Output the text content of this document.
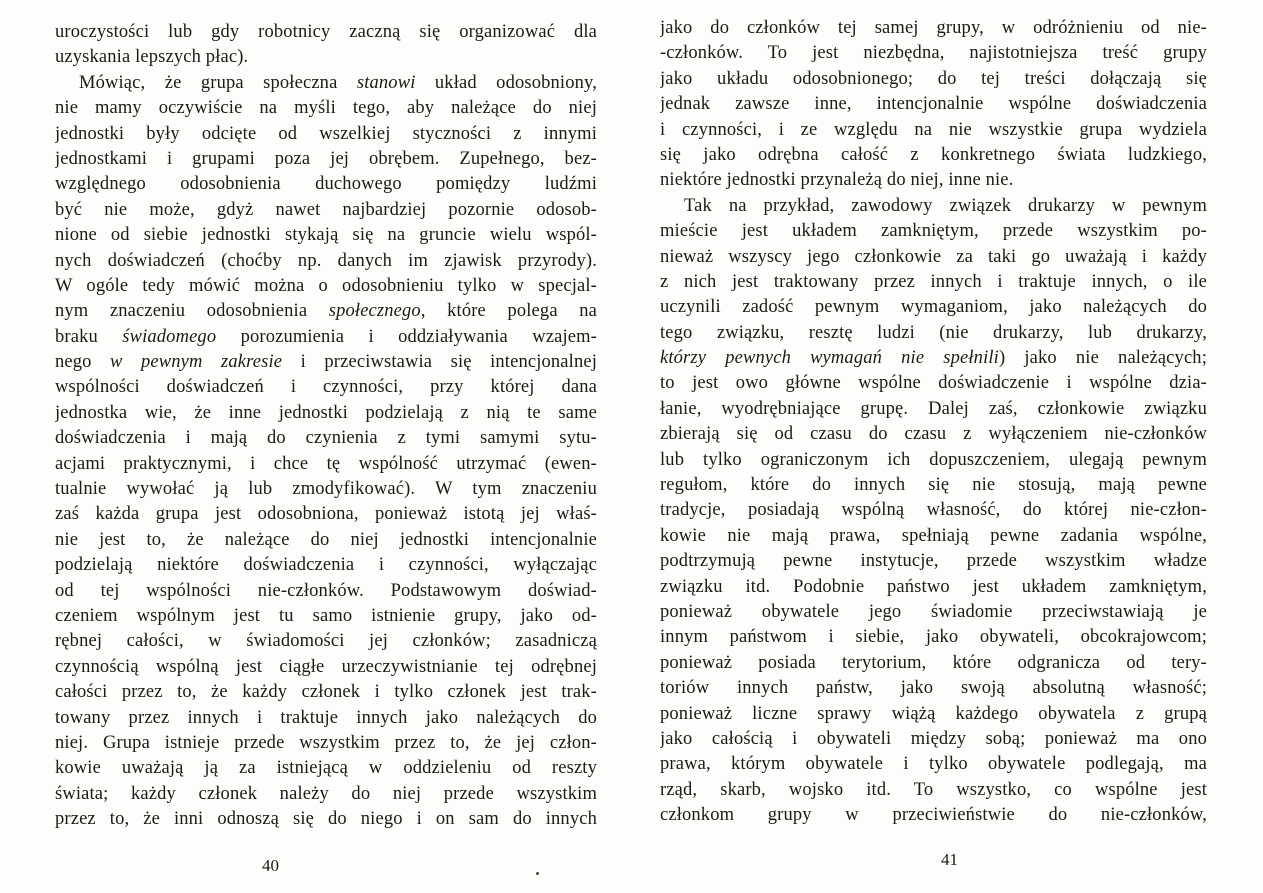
uroczystości lub gdy robotnicy zaczną się organizować dla
uzyskania lepszych płac).
Mówiąc, że grupa społeczna stanowi układ odosobniony,
nie mamy oczywiście na myśli tego, aby należące do niej
jednostki były odcięte od wszelkiej styczności z innymi
jednostkami i grupami poza jej obrębem. Zupełnego, bez-
względnego odosobnienia duchowego pomiędzy ludźmi
być nie może, gdyż nawet najbardziej pozornie odosob-
nione od siebie jednostki stykają się na gruncie wielu wspól-
nych doświadczeń (choćby np. danych im zjawisk przyrody).
W ogóle tedy mówić można o odosobnieniu tylko w specjal-
nym znaczeniu odosobnienia społecznego, które polega na
braku świadomego porozumienia i oddziaływania wzajem-
nego w pewnym zakresie i przeciwstawia się intencjonalnej
wspólności doświadczeń i czynności, przy której dana
jednostka wie, że inne jednostki podzielają z nią te same
doświadczenia i mają do czynienia z tymi samymi sytu-
acjami praktycznymi, i chce tę wspólność utrzymać (ewen-
tualnie wywołać ją lub zmodyfikować). W tym znaczeniu
zaś każda grupa jest odosobniona, ponieważ istotą jej właś-
nie jest to, że należące do niej jednostki intencjonalnie
podzielają niektóre doświadczenia i czynności, wyłączając
od tej wspólności nie-członków. Podstawowym doświad-
czeniem wspólnym jest tu samo istnienie grupy, jako od-
rębnej całości, w świadomości jej członków; zasadniczą
czynnością wspólną jest ciągłe urzeczywistnianie tej odrębnej
całości przez to, że każdy członek i tylko członek jest trak-
towany przez innych i traktuje innych jako należących do
niej. Grupa istnieje przede wszystkim przez to, że jej człon-
kowie uważają ją za istniejącą w oddzieleniu od reszty
świata; każdy członek należy do niej przede wszystkim
przez to, że inni odnoszą się do niego i on sam do innych
40
jako do członków tej samej grupy, w odróżnieniu od nie-
-członków. To jest niezbędna, najistotniejsza treść grupy
jako układu odosobnionego; do tej treści dołączają się
jednak zawsze inne, intencjonalnie wspólne doświadczenia
i czynności, i ze względu na nie wszystkie grupa wydziela
się jako odrębna całość z konkretnego świata ludzkiego,
niektóre jednostki przynależą do niej, inne nie.
Tak na przykład, zawodowy związek drukarzy w pewnym
mieście jest układem zamkniętym, przede wszystkim po-
nieważ wszyscy jego członkowie za taki go uważają i każdy
z nich jest traktowany przez innych i traktuje innych, o ile
uczynili zadość pewnym wymaganiom, jako należących do
tego związku, resztę ludzi (nie drukarzy, lub drukarzy,
którzy pewnych wymagań nie spełnili) jako nie należących;
to jest owo główne wspólne doświadczenie i wspólne dzia-
łanie, wyodrębniające grupę. Dalej zaś, członkowie związku
zbierają się od czasu do czasu z wyłączeniem nie-członków
lub tylko ograniczonym ich dopuszczeniem, ulegają pewnym
regułom, które do innych się nie stosują, mają pewne
tradycje, posiadają wspólną własność, do której nie-człon-
kowie nie mają prawa, spełniają pewne zadania wspólne,
podtrzymują pewne instytucje, przede wszystkim władze
związku itd. Podobnie państwo jest układem zamkniętym,
ponieważ obywatele jego świadomie przeciwstawiają je
innym państwom i siebie, jako obywateli, obcokrajowcom;
ponieważ posiada terytorium, które odgranicza od tery-
toriów innych państw, jako swoją absolutną własność;
ponieważ liczne sprawy wiążą każdego obywatela z grupą
jako całością i obywateli między sobą; ponieważ ma ono
prawa, którym obywatele i tylko obywatele podlegają, ma
rząd, skarb, wojsko itd. To wszystko, co wspólne jest
członkom grupy w przeciwieństwie do nie-członków,
41
